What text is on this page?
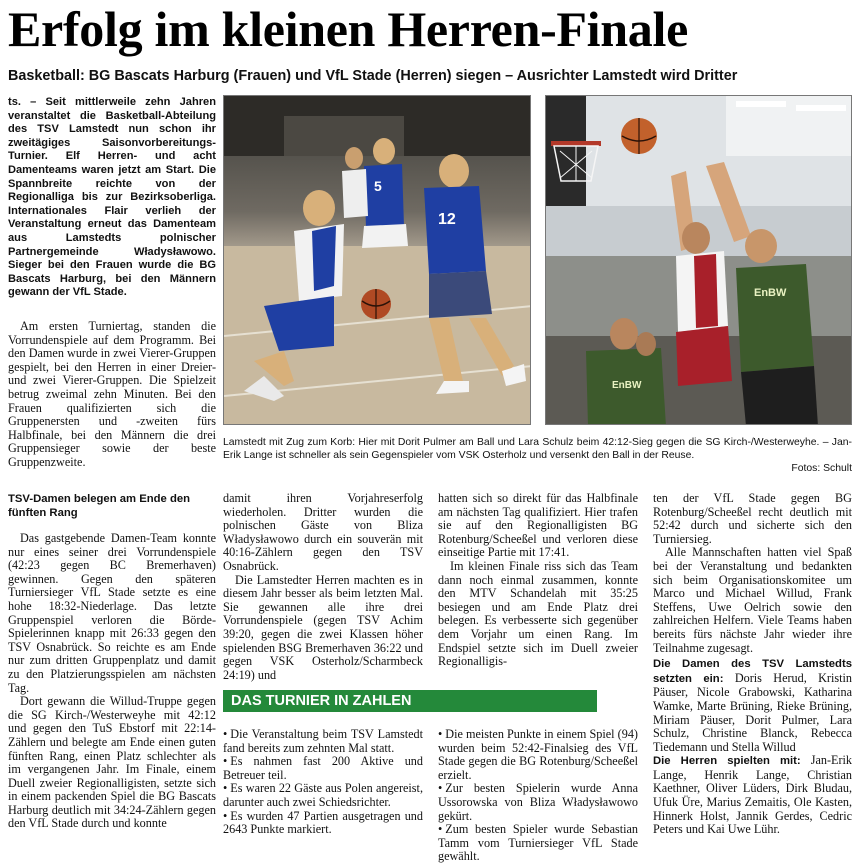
Erfolg im kleinen Herren-Finale
Basketball: BG Bascats Harburg (Frauen) und VfL Stade (Herren) siegen – Ausrichter Lamstedt wird Dritter
ts. – Seit mittlerweile zehn Jahren veranstaltet die Basketball-Abteilung des TSV Lamstedt nun schon ihr zweitägiges Saisonvorbereitungs-Turnier. Elf Herren- und acht Damenteams waren jetzt am Start. Die Spannbreite reichte von der Regionalliga bis zur Bezirksoberliga. Internationales Flair verlieh der Veranstaltung erneut das Damenteam aus Lamstedts polnischer Partnergemeinde Władysławowo. Sieger bei den Frauen wurde die BG Bascats Harburg, bei den Männern gewann der VfL Stade.

Am ersten Turniertag, standen die Vorrundenspiele auf dem Programm. Bei den Damen wurde in zwei Vierer-Gruppen gespielt, bei den Herren in einer Dreier- und zwei Vierer-Gruppen. Die Spielzeit betrug zweimal zehn Minuten. Bei den Frauen qualifizierten sich die Gruppenersten und -zweiten fürs Halbfinale, bei den Männern die drei Gruppensieger sowie der beste Gruppenzweite.

12
5
EnBW
EnBW
Lamstedt mit Zug zum Korb: Hier mit Dorit Pulmer am Ball und Lara Schulz beim 42:12-Sieg gegen die SG Kirch-/Westerweyhe. – Jan-Erik Lange ist schneller als sein Gegenspieler vom VSK Osterholz und versenkt den Ball in der Reuse.
Fotos: Schult
TSV-Damen belegen am Ende den fünften Rang

Das gastgebende Damen-Team konnte nur eines seiner drei Vorrundenspiele (42:23 gegen BC Bremerhaven) gewinnen. Gegen den späteren Turniersieger VfL Stade setzte es eine hohe 18:32-Niederlage. Das letzte Gruppenspiel verloren die Börde-Spielerinnen knapp mit 26:33 gegen den TSV Osnabrück. So reichte es am Ende nur zum dritten Gruppenplatz und damit zu den Platzierungsspielen am nächsten Tag.

Dort gewann die Willud-Truppe gegen die SG Kirch-/Westerweyhe mit 42:12 und gegen den TuS Ebstorf mit 22:14-Zählern und belegte am Ende einen guten fünften Rang, einen Platz schlechter als im vergangenen Jahr. Im Finale, einem Duell zweier Regionalligisten, setzte sich in einem packenden Spiel die BG Bascats Harburg deutlich mit 34:24-Zählern gegen den VfL Stade durch und konnte

damit ihren Vorjahreserfolg wiederholen. Dritter wurden die polnischen Gäste von Bliza Władysławowo durch ein souverän mit 40:16-Zählern gegen den TSV Osnabrück.

Die Lamstedter Herren machten es in diesem Jahr besser als beim letzten Mal. Sie gewannen alle ihre drei Vorrundenspiele (gegen TSV Achim 39:20, gegen die zwei Klassen höher spielenden BSG Bremerhaven 36:22 und gegen VSK Osterholz/Scharmbeck 24:19) und

hatten sich so direkt für das Halbfinale am nächsten Tag qualifiziert. Hier trafen sie auf den Regionalligisten BG Rotenburg/Scheeßel und verloren diese einseitige Partie mit 17:41.

Im kleinen Finale riss sich das Team dann noch einmal zusammen, konnte den MTV Schandelah mit 35:25 besiegen und am Ende Platz drei belegen. Es verbesserte sich gegenüber dem Vorjahr um einen Rang. Im Endspiel setzte sich im Duell zweier Regionalligis-

ten der VfL Stade gegen BG Rotenburg/Scheeßel recht deutlich mit 52:42 durch und sicherte sich den Turniersieg.

Alle Mannschaften hatten viel Spaß bei der Veranstaltung und bedankten sich beim Organisationskomitee um Marco und Michael Willud, Frank Steffens, Uwe Oelrich sowie den zahlreichen Helfern. Viele Teams haben bereits fürs nächste Jahr wieder ihre Teilnahme zugesagt.

Die Damen des TSV Lamstedts setzten ein: Doris Herud, Kristin Päuser, Nicole Grabowski, Katharina Wamke, Marte Brüning, Rieke Brüning, Miriam Päuser, Dorit Pulmer, Lara Schulz, Christine Blanck, Rebecca Tiedemann und Stella Willud

Die Herren spielten mit: Jan-Erik Lange, Henrik Lange, Christian Kaethner, Oliver Lüders, Dirk Bludau, Ufuk Üre, Marius Zemaitis, Ole Kasten, Hinnerk Holst, Jannik Gerdes, Cedric Peters und Kai Uwe Lühr.

DAS TURNIER IN ZAHLEN
• Die Veranstaltung beim TSV Lamstedt fand bereits zum zehnten Mal statt.
• Es nahmen fast 200 Aktive und Betreuer teil.
• Es waren 22 Gäste aus Polen angereist, darunter auch zwei Schiedsrichter.
• Es wurden 47 Partien ausgetragen und 2643 Punkte markiert.
• Die meisten Punkte in einem Spiel (94) wurden beim 52:42-Finalsieg des VfL Stade gegen die BG Rotenburg/Scheeßel erzielt.
• Zur besten Spielerin wurde Anna Ussorowska von Bliza Władysławowo gekürt.
• Zum besten Spieler wurde Sebastian Tamm vom Turniersieger VfL Stade gewählt.
